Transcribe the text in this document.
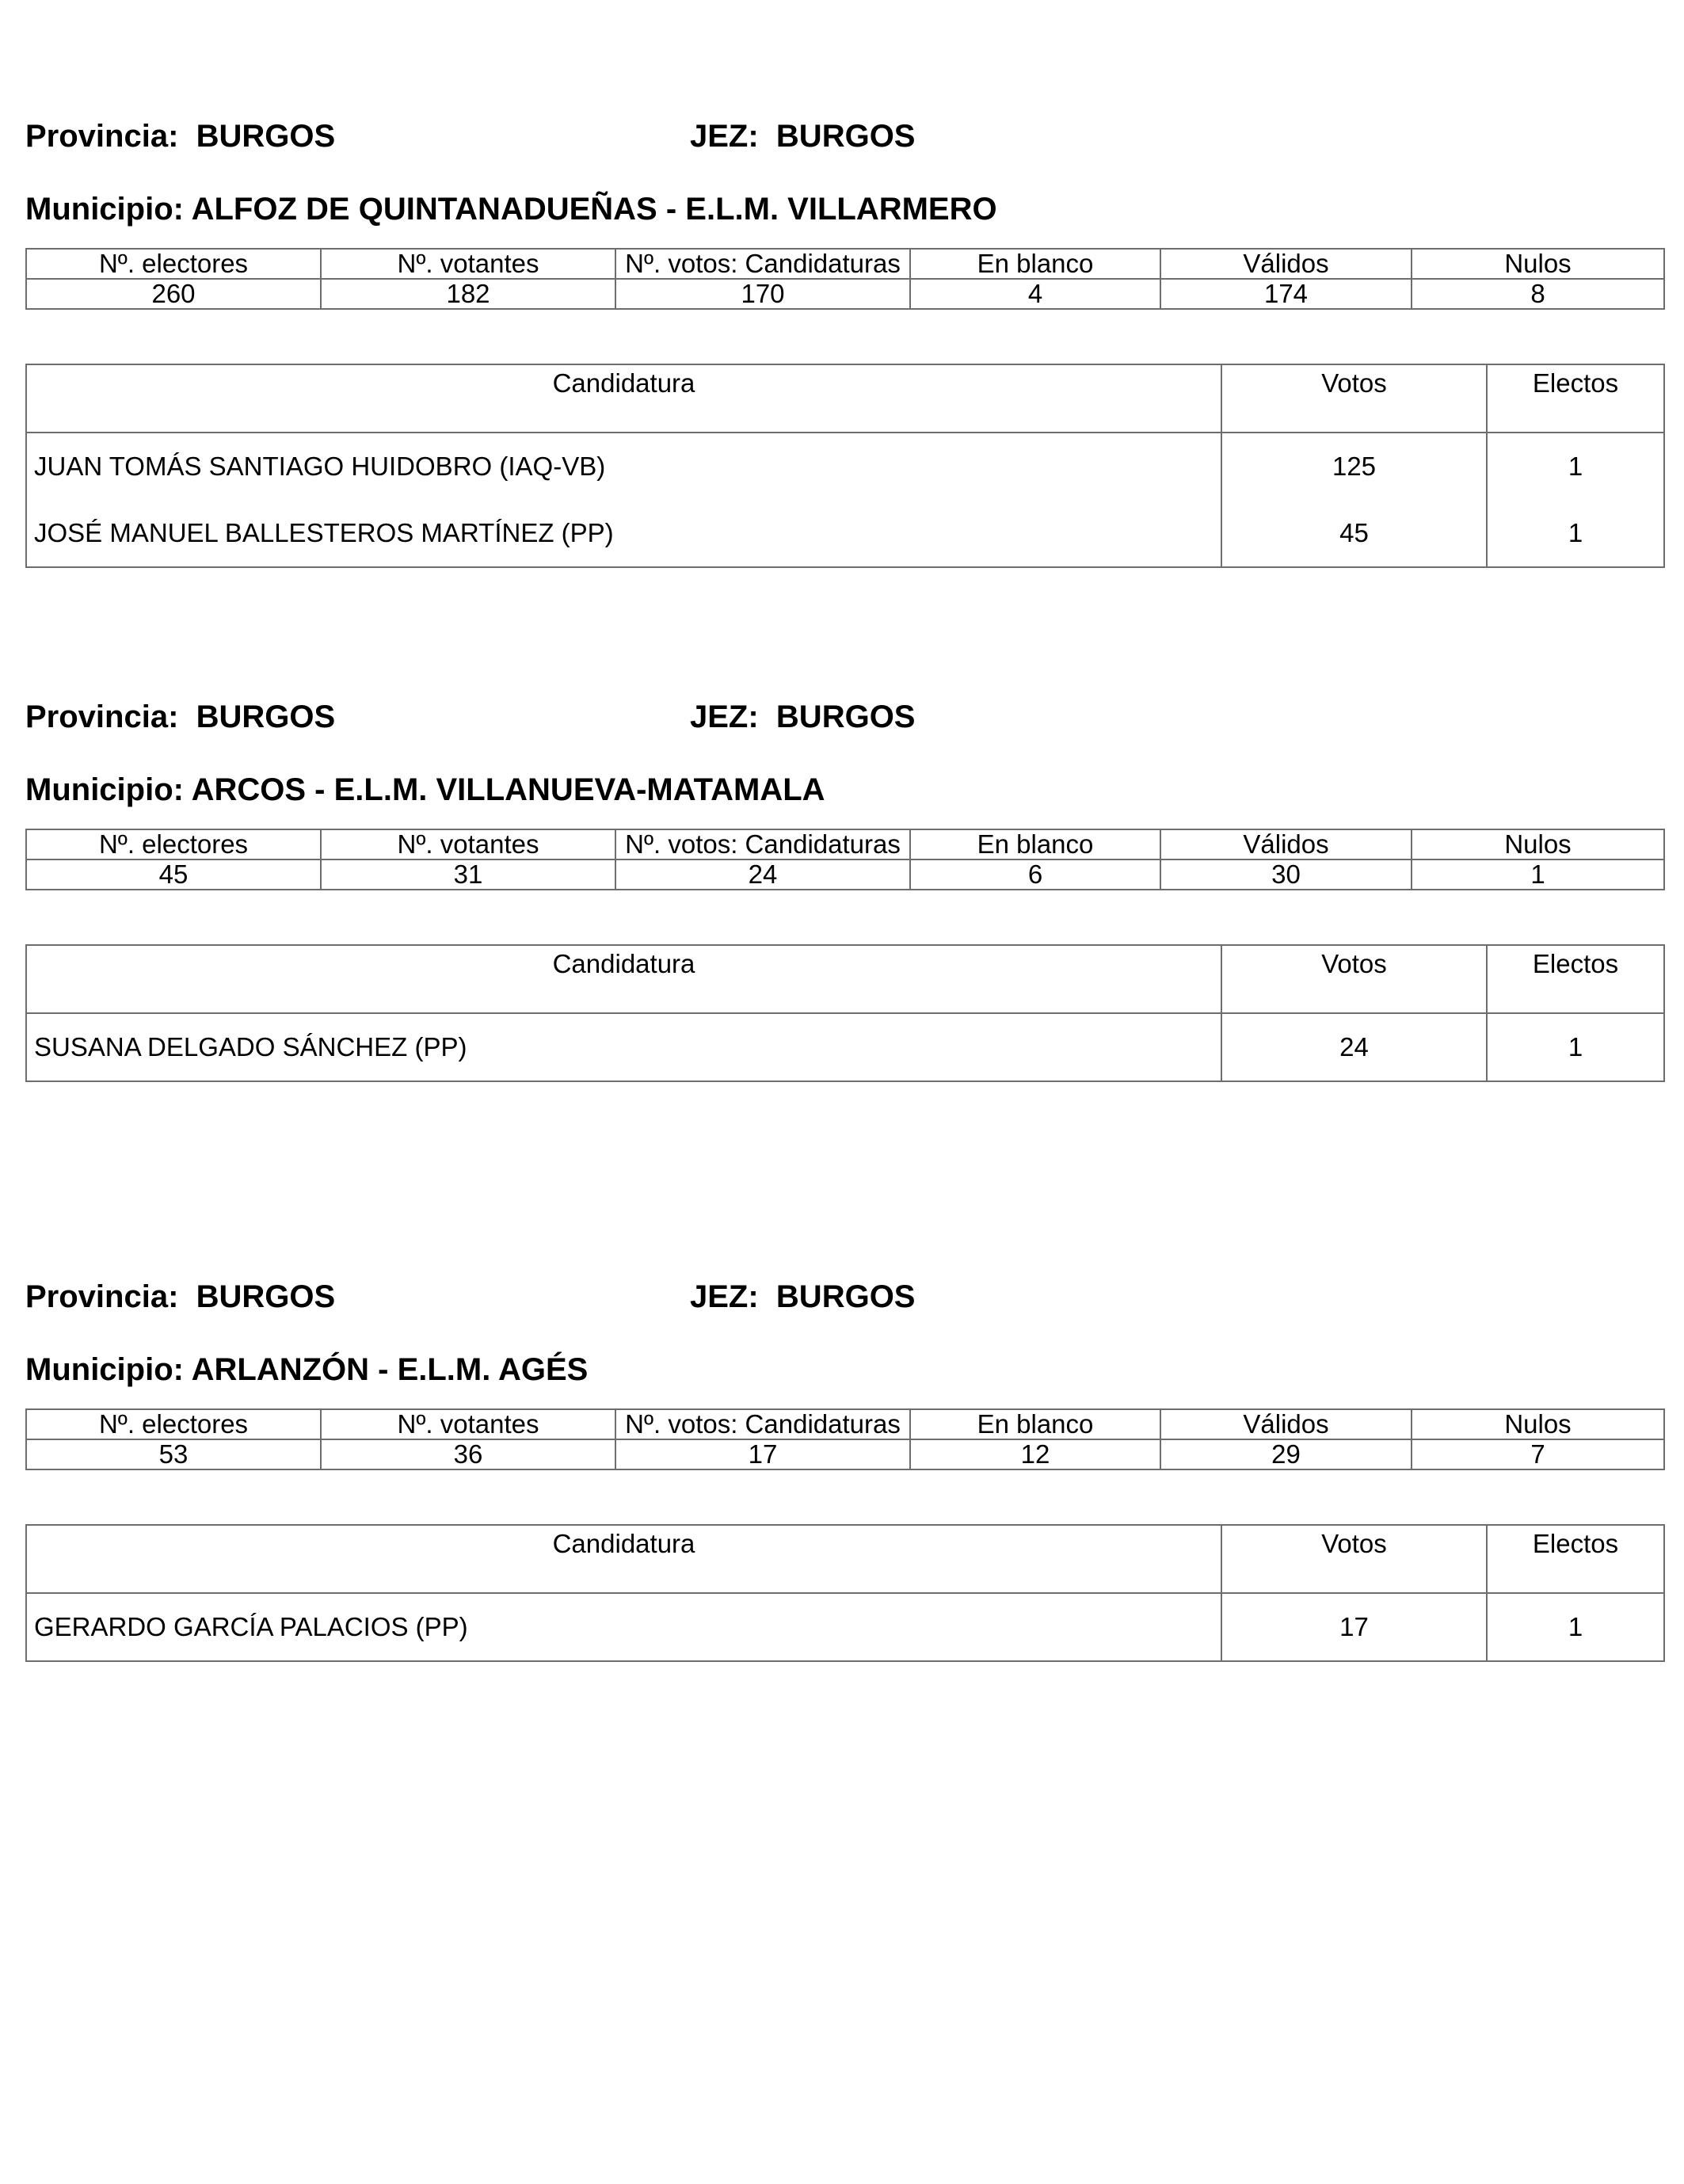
Provincia: BURGOS	JEZ: BURGOS
Municipio: ALFOZ DE QUINTANADUEÑAS - E.L.M. VILLARMERO
Nº. electores	Nº. votantes	Nº. votos: Candidaturas	En blanco	Válidos	Nulos
260	182	170	4	174	8
Candidatura	Votos	Electos
JUAN TOMÁS SANTIAGO HUIDOBRO (IAQ-VB)	125	1
JOSÉ MANUEL BALLESTEROS MARTÍNEZ (PP)	45	1
Provincia: BURGOS	JEZ: BURGOS
Municipio: ARCOS - E.L.M. VILLANUEVA-MATAMALA
Nº. electores	Nº. votantes	Nº. votos: Candidaturas	En blanco	Válidos	Nulos
45	31	24	6	30	1
Candidatura	Votos	Electos
SUSANA DELGADO SÁNCHEZ (PP)	24	1
Provincia: BURGOS	JEZ: BURGOS
Municipio: ARLANZÓN - E.L.M. AGÉS
Nº. electores	Nº. votantes	Nº. votos: Candidaturas	En blanco	Válidos	Nulos
53	36	17	12	29	7
Candidatura	Votos	Electos
GERARDO GARCÍA PALACIOS (PP)	17	1
